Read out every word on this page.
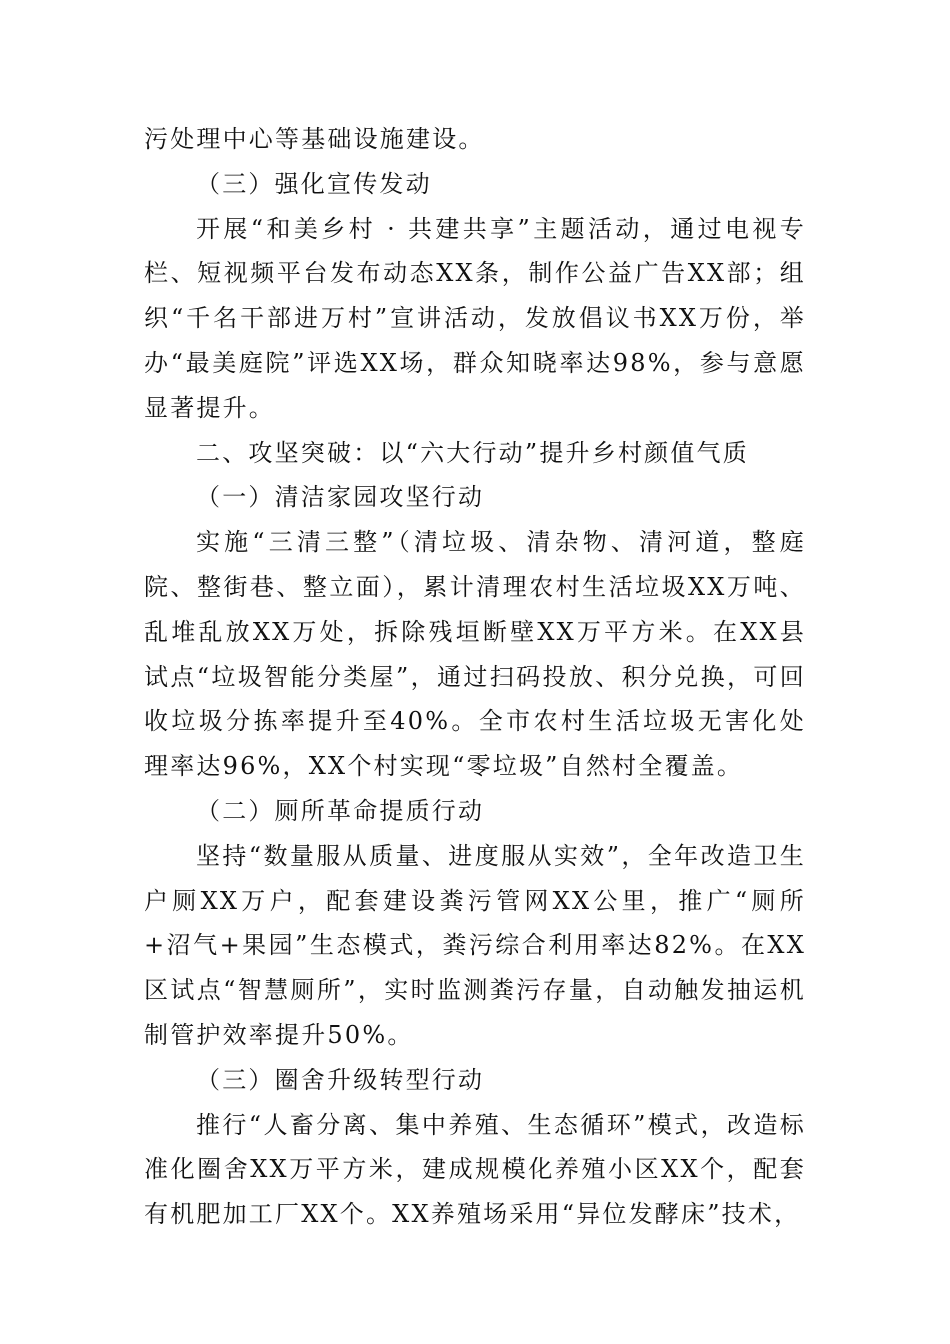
污处理中心等基础设施建设。

（三）强化宣传发动

开展“和美乡村 · 共建共享”主题活动，通过电视专栏、短视频平台发布动态XX条，制作公益广告XX部；组织“千名干部进万村”宣讲活动，发放倡议书XX万份，举办“最美庭院”评选XX场，群众知晓率达98%，参与意愿显著提升。

二、攻坚突破：以“六大行动”提升乡村颜值气质

（一）清洁家园攻坚行动

实施“三清三整”（清垃圾、清杂物、清河道，整庭院、整街巷、整立面），累计清理农村生活垃圾XX万吨、乱堆乱放XX万处，拆除残垣断壁XX万平方米。在XX县试点“垃圾智能分类屋”，通过扫码投放、积分兑换，可回收垃圾分拣率提升至40%。全市农村生活垃圾无害化处理率达96%，XX个村实现“零垃圾”自然村全覆盖。

（二）厕所革命提质行动

坚持“数量服从质量、进度服从实效”，全年改造卫生户厕XX万户，配套建设粪污管网XX公里，推广“厕所+沼气+果园”生态模式，粪污综合利用率达82%。在XX区试点“智慧厕所”，实时监测粪污存量，自动触发抽运机制管护效率提升50%。

（三）圈舍升级转型行动

推行“人畜分离、集中养殖、生态循环”模式，改造标准化圈舍XX万平方米，建成规模化养殖小区XX个，配套有机肥加工厂XX个。XX养殖场采用“异位发酵床”技术，
